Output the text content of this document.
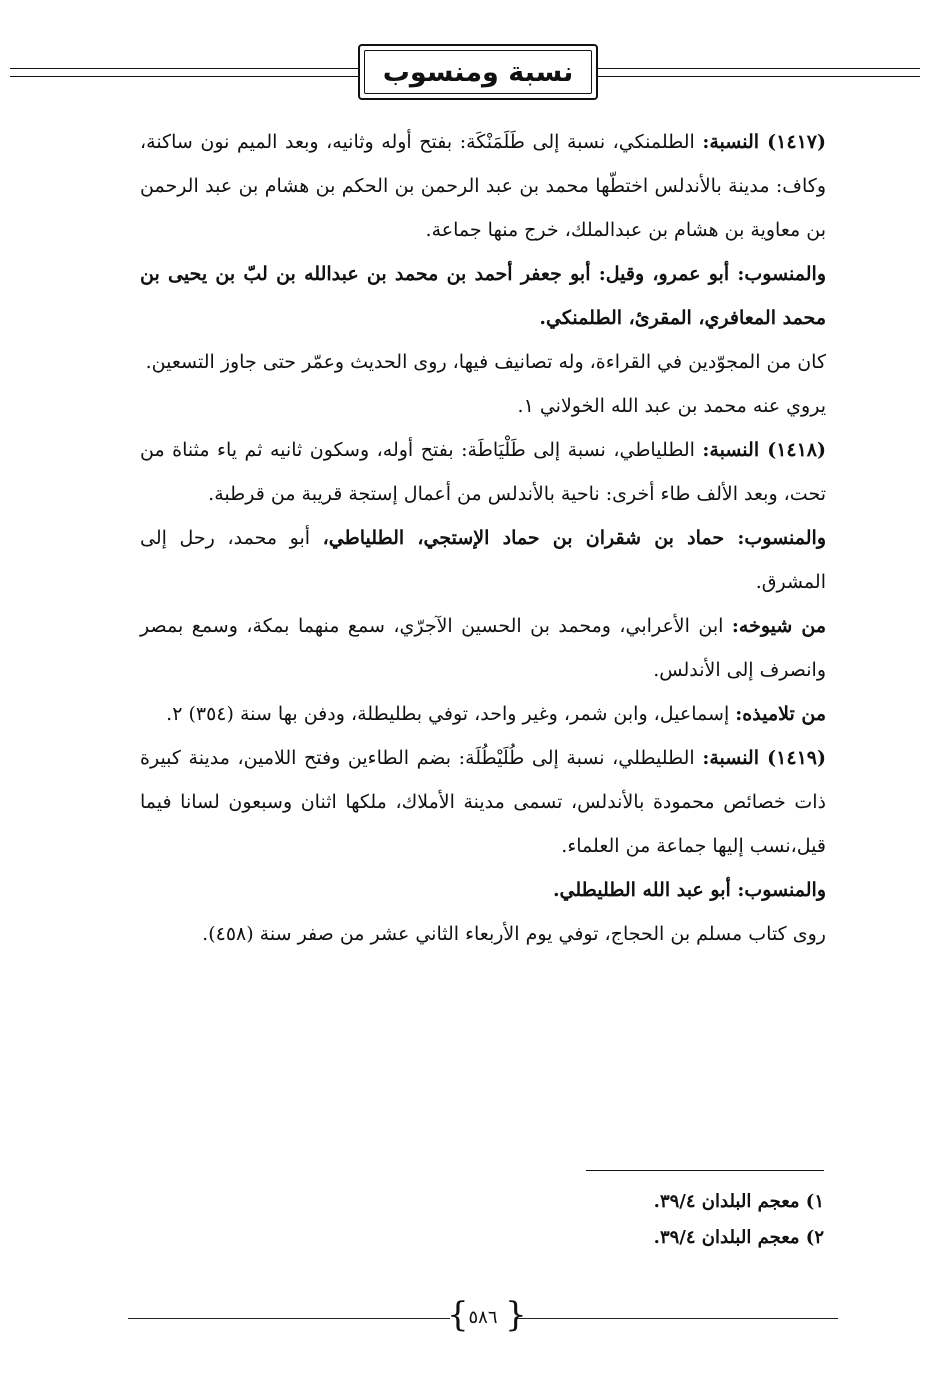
نسبة ومنسوب

(١٤١٧) النسبة: الطلمنكي، نسبة إلى طَلَمَنْكَة: بفتح أوله وثانيه، وبعد الميم نون ساكنة، وكاف: مدينة بالأندلس اختطّها محمد بن عبد الرحمن بن الحكم بن هشام بن عبد الرحمن بن معاوية بن هشام بن عبدالملك، خرج منها جماعة.

والمنسوب: أبو عمرو، وقيل: أبو جعفر أحمد بن محمد بن عبدالله بن لبّ بن يحيى بن محمد المعافري، المقرئ، الطلمنكي.

كان من المجوّدين في القراءة، وله تصانيف فيها، روى الحديث وعمّر حتى جاوز التسعين.

يروي عنه محمد بن عبد الله الخولاني ١.

(١٤١٨) النسبة: الطلياطي، نسبة إلى طَلْيَاطَة: بفتح أوله، وسكون ثانيه ثم ياء مثناة من تحت، وبعد الألف طاء أخرى: ناحية بالأندلس من أعمال إستجة قريبة من قرطبة.

والمنسوب: حماد بن شقران بن حماد الإستجي، الطلياطي، أبو محمد، رحل إلى المشرق.

من شيوخه: ابن الأعرابي، ومحمد بن الحسين الآجرّي، سمع منهما بمكة، وسمع بمصر وانصرف إلى الأندلس.

من تلاميذه: إسماعيل، وابن شمر، وغير واحد، توفي بطليطلة، ودفن بها سنة (٣٥٤) ٢.

(١٤١٩) النسبة: الطليطلي، نسبة إلى طُلَيْطُلَة: بضم الطاءين وفتح اللامين، مدينة كبيرة ذات خصائص محمودة بالأندلس، تسمى مدينة الأملاك، ملكها اثنان وسبعون لسانا فيما قيل،نسب إليها جماعة من العلماء.

والمنسوب: أبو عبد الله الطليطلي.

روى كتاب مسلم بن الحجاج، توفي يوم الأربعاء الثاني عشر من صفر سنة (٤٥٨).

١) معجم البلدان ٣٩/٤.

٢) معجم البلدان ٣٩/٤.

{ }
٥٨٦
